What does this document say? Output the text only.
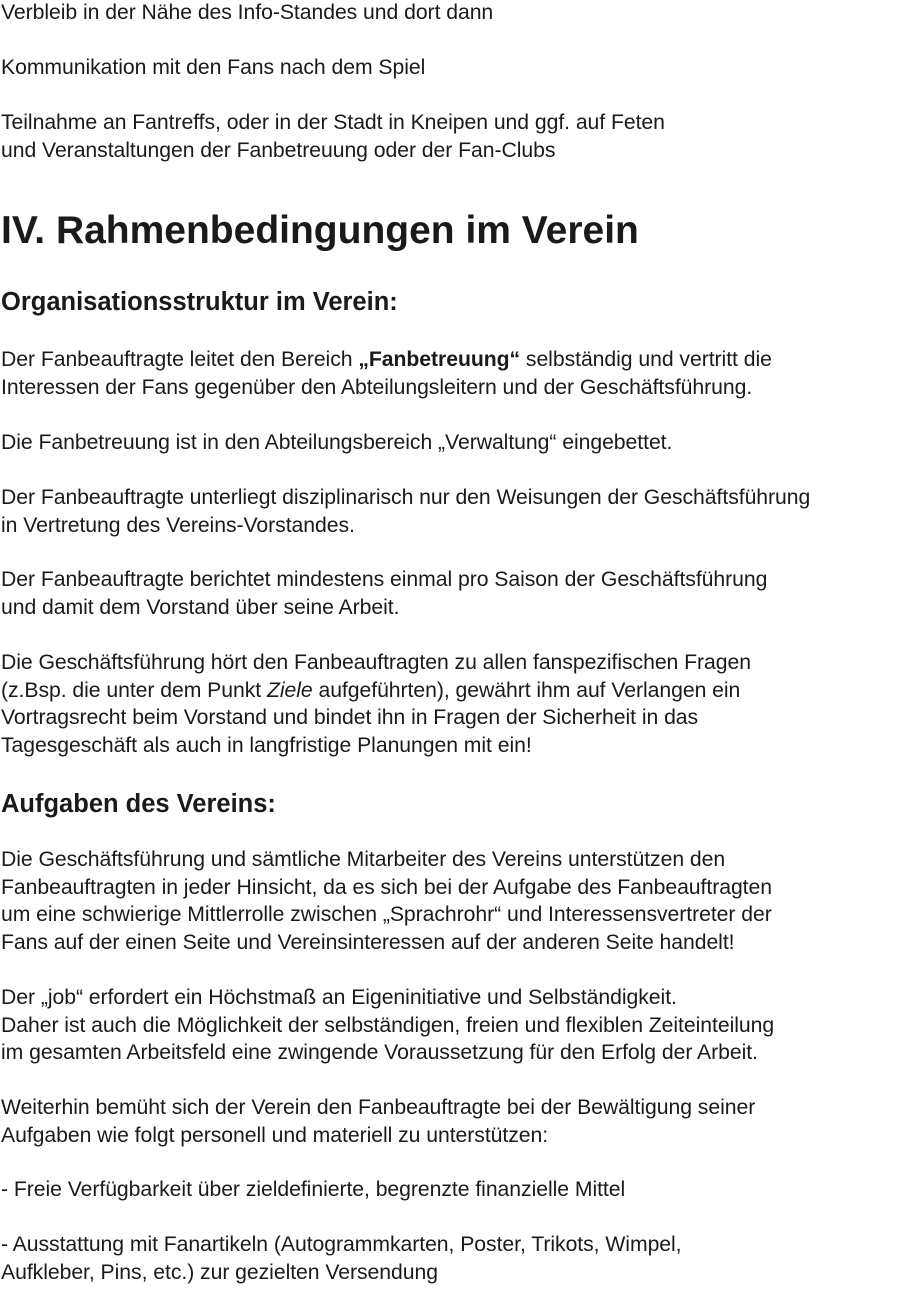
Verbleib in der Nähe des Info-Standes und dort dann

Kommunikation mit den Fans nach dem Spiel

Teilnahme an Fantreffs, oder in der Stadt in Kneipen und ggf. auf Feten
und Veranstaltungen der Fanbetreuung oder der Fan-Clubs

IV. Rahmenbedingungen im Verein
Organisationsstruktur im Verein:

Der Fanbeauftragte leitet den Bereich „Fanbetreuung“ selbständig und vertritt die
Interessen der Fans gegenüber den Abteilungsleitern und der Geschäftsführung.

Die Fanbetreuung ist in den Abteilungsbereich „Verwaltung“ eingebettet.

Der Fanbeauftragte unterliegt disziplinarisch nur den Weisungen der Geschäftsführung
in Vertretung des Vereins-Vorstandes.

Der Fanbeauftragte berichtet mindestens einmal pro Saison der Geschäftsführung
und damit dem Vorstand über seine Arbeit.

Die Geschäftsführung hört den Fanbeauftragten zu allen fanspezifischen Fragen
(z.Bsp. die unter dem Punkt Ziele aufgeführten), gewährt ihm auf Verlangen ein
Vortragsrecht beim Vorstand und bindet ihn in Fragen der Sicherheit in das
Tagesgeschäft als auch in langfristige Planungen mit ein!

Aufgaben des Vereins:

Die Geschäftsführung und sämtliche Mitarbeiter des Vereins unterstützen den
Fanbeauftragten in jeder Hinsicht, da es sich bei der Aufgabe des Fanbeauftragten
um eine schwierige Mittlerrolle zwischen „Sprachrohr“ und Interessensvertreter der
Fans auf der einen Seite und Vereinsinteressen auf der anderen Seite handelt!

Der „job“ erfordert ein Höchstmaß an Eigeninitiative und Selbständigkeit.
Daher ist auch die Möglichkeit der selbständigen, freien und flexiblen Zeiteinteilung
im gesamten Arbeitsfeld eine zwingende Voraussetzung für den Erfolg der Arbeit.

Weiterhin bemüht sich der Verein den Fanbeauftragte bei der Bewältigung seiner
Aufgaben wie folgt personell und materiell zu unterstützen:

- Freie Verfügbarkeit über zieldefinierte, begrenzte finanzielle Mittel

- Ausstattung mit Fanartikeln (Autogrammkarten, Poster, Trikots, Wimpel,
Aufkleber, Pins, etc.) zur gezielten Versendung
